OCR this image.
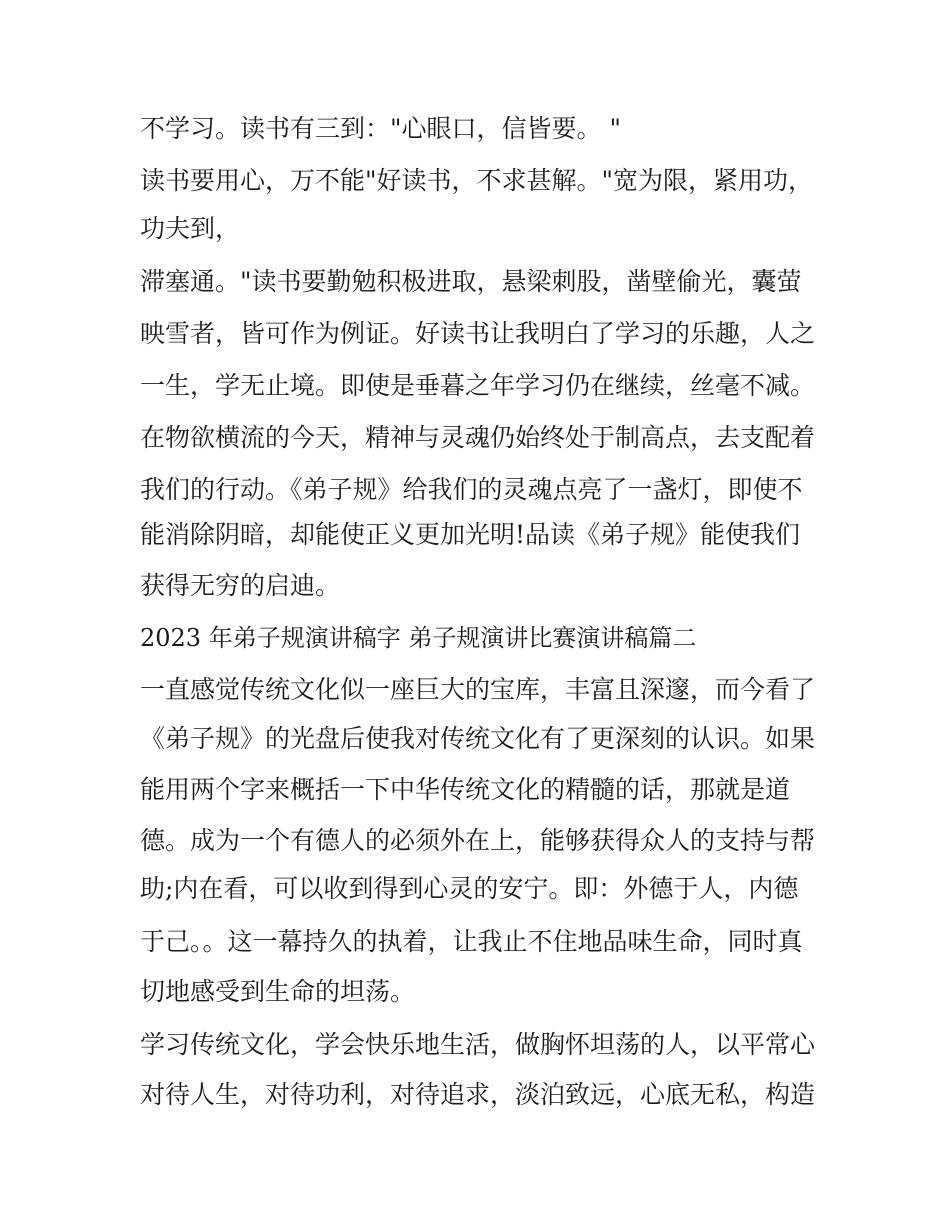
不学习。读书有三到："心眼口，信皆要。 "
读书要用心，万不能"好读书，不求甚解。"宽为限，紧用功，
功夫到，
滞塞通。"读书要勤勉积极进取，悬梁刺股，凿壁偷光，囊萤
映雪者，皆可作为例证。好读书让我明白了学习的乐趣，人之
一生，学无止境。即使是垂暮之年学习仍在继续，丝毫不减。
在物欲横流的今天，精神与灵魂仍始终处于制高点，去支配着
我们的行动。《弟子规》给我们的灵魂点亮了一盏灯，即使不
能消除阴暗，却能使正义更加光明!品读《弟子规》能使我们
获得无穷的启迪。
2023 年弟子规演讲稿字 弟子规演讲比赛演讲稿篇二
一直感觉传统文化似一座巨大的宝库，丰富且深邃，而今看了
《弟子规》的光盘后使我对传统文化有了更深刻的认识。如果
能用两个字来概括一下中华传统文化的精髓的话，那就是道
德。成为一个有德人的必须外在上，能够获得众人的支持与帮
助;内在看，可以收到得到心灵的安宁。即：外德于人，内德
于己。。这一幕持久的执着，让我止不住地品味生命，同时真
切地感受到生命的坦荡。
学习传统文化，学会快乐地生活，做胸怀坦荡的人，以平常心
对待人生，对待功利，对待追求，淡泊致远，心底无私，构造
